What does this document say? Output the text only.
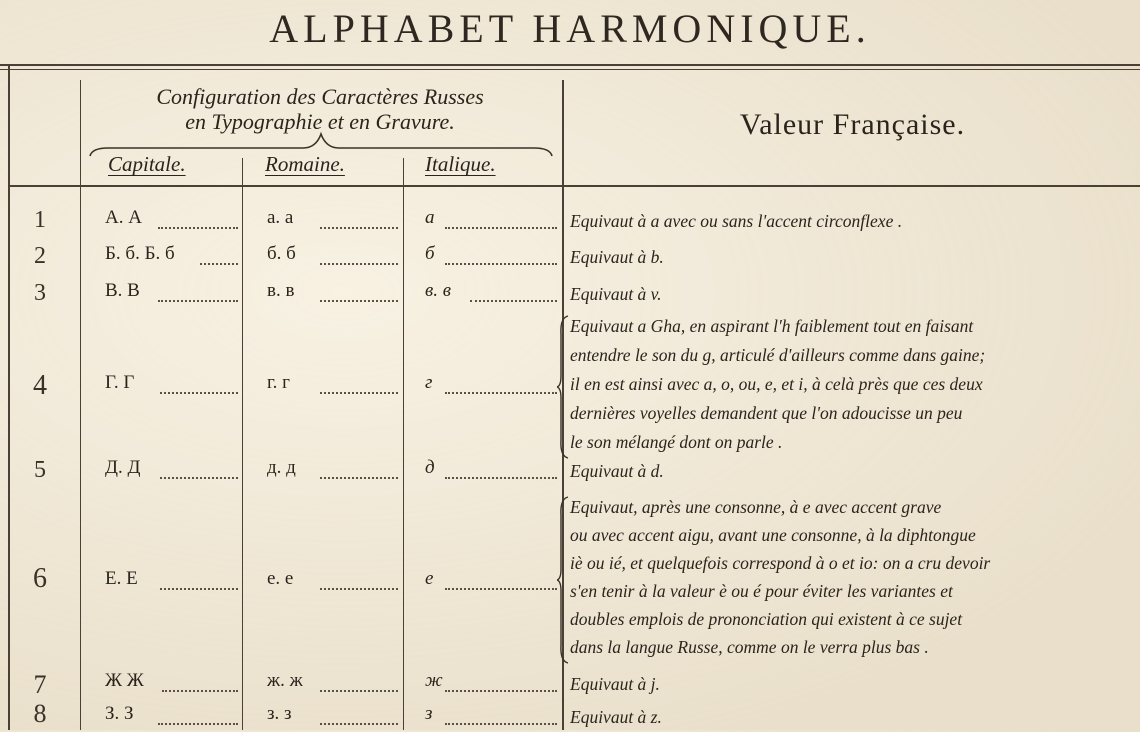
ALPHABET HARMONIQUE.
Configuration des Caractères Russes
en Typographie et en Gravure.
Capitale.	Romaine.	Italique.
Valeur Française.
1	А. А	а. а	а	Equivaut à a avec ou sans l'accent circonflexe .
2	Б. б. Б. б	б. б	б	Equivaut à b.
3	В. В	в. в	в. в	Equivaut à v.
4	Г. Г	г. г	г
Equivaut a Gha, en aspirant l'h faiblement tout en faisant
entendre le son du g, articulé d'ailleurs comme dans gaine;
il en est ainsi avec a, o, ou, e, et i, à celà près que ces deux
dernières voyelles demandent que l'on adoucisse un peu
le son mélangé dont on parle .
5	Д. Д	д. д	д	Equivaut à d.
6	Е. Е	е. е	е
Equivaut, après une consonne, à e avec accent grave
ou avec accent aigu, avant une consonne, à la diphtongue
iè ou ié, et quelquefois correspond à o et io: on a cru devoir
s'en tenir à la valeur è ou é pour éviter les variantes et
doubles emplois de prononciation qui existent à ce sujet
dans la langue Russe, comme on le verra plus bas .
7	Ж Ж	ж. ж	ж	Equivaut à j.
8	З. З	з. з	з	Equivaut à z.
